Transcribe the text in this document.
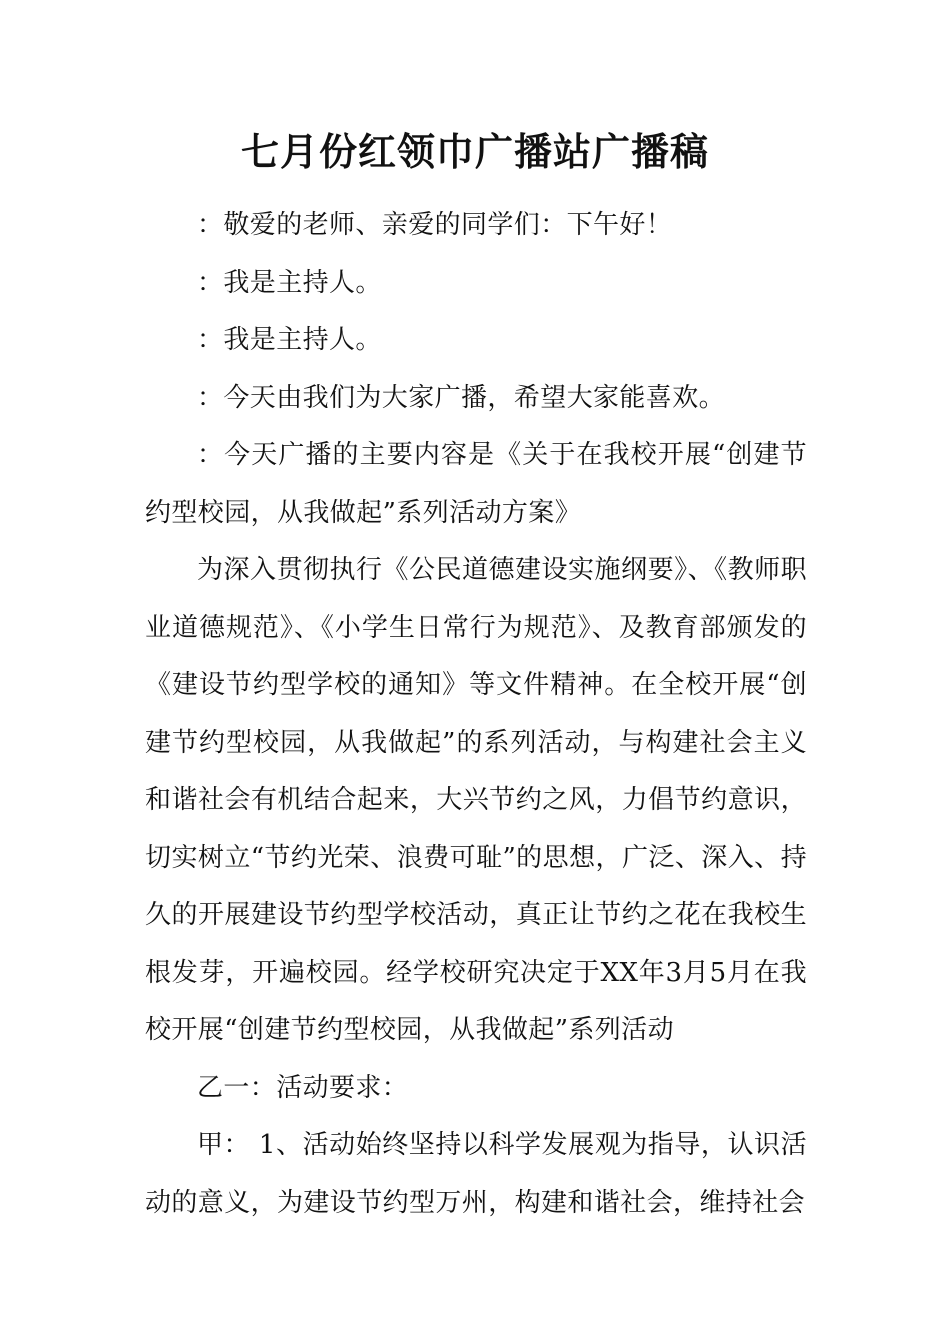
七月份红领巾广播站广播稿

：敬爱的老师、亲爱的同学们：下午好！

：我是主持人。

：我是主持人。

：今天由我们为大家广播，希望大家能喜欢。

：今天广播的主要内容是《关于在我校开展“创建节约型校园，从我做起”系列活动方案》

为深入贯彻执行《公民道德建设实施纲要》、《教师职业道德规范》、《小学生日常行为规范》、及教育部颁发的《建设节约型学校的通知》等文件精神。在全校开展“创建节约型校园，从我做起”的系列活动，与构建社会主义和谐社会有机结合起来，大兴节约之风，力倡节约意识，切实树立“节约光荣、浪费可耻”的思想，广泛、深入、持久的开展建设节约型学校活动，真正让节约之花在我校生根发芽，开遍校园。经学校研究决定于XX年3月5月在我校开展“创建节约型校园，从我做起”系列活动

乙一：活动要求：

甲： 1、活动始终坚持以科学发展观为指导，认识活动的意义，为建设节约型万州，构建和谐社会，维持社会
